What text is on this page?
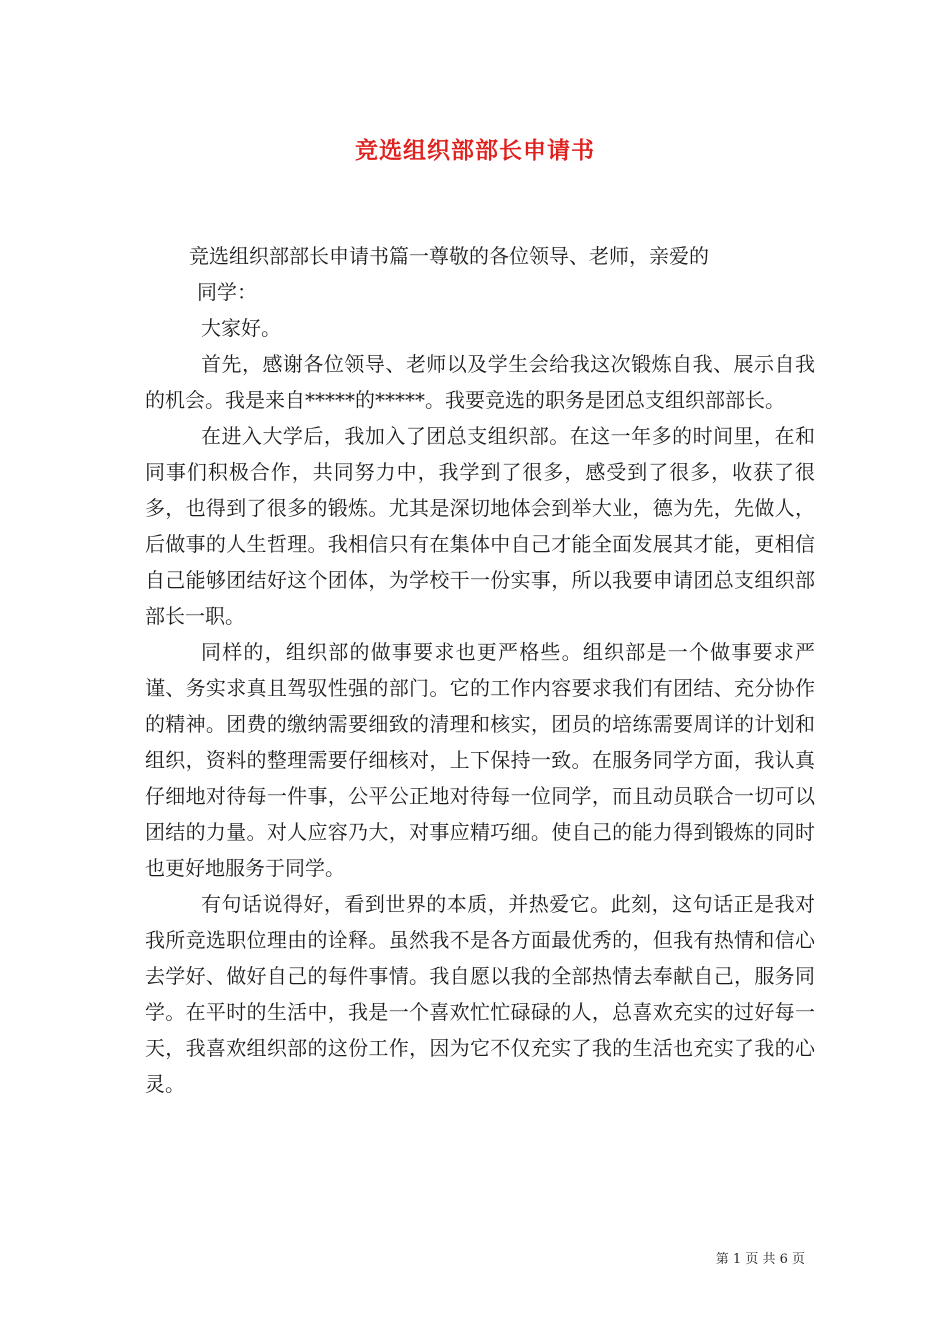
竞选组织部部长申请书

竞选组织部部长申请书篇一尊敬的各位领导、老师，亲爱的

同学：

大家好。

首先，感谢各位领导、老师以及学生会给我这次锻炼自我、展示自我的机会。我是来自*****的*****。我要竞选的职务是团总支组织部部长。

在进入大学后，我加入了团总支组织部。在这一年多的时间里，在和同事们积极合作，共同努力中，我学到了很多，感受到了很多，收获了很多，也得到了很多的锻炼。尤其是深切地体会到举大业，德为先，先做人，后做事的人生哲理。我相信只有在集体中自己才能全面发展其才能，更相信自己能够团结好这个团体，为学校干一份实事，所以我要申请团总支组织部部长一职。

同样的，组织部的做事要求也更严格些。组织部是一个做事要求严谨、务实求真且驾驭性强的部门。它的工作内容要求我们有团结、充分协作的精神。团费的缴纳需要细致的清理和核实，团员的培练需要周详的计划和组织，资料的整理需要仔细核对，上下保持一致。在服务同学方面，我认真仔细地对待每一件事，公平公正地对待每一位同学，而且动员联合一切可以团结的力量。对人应容乃大，对事应精巧细。使自己的能力得到锻炼的同时也更好地服务于同学。

有句话说得好，看到世界的本质，并热爱它。此刻，这句话正是我对我所竞选职位理由的诠释。虽然我不是各方面最优秀的，但我有热情和信心去学好、做好自己的每件事情。我自愿以我的全部热情去奉献自己，服务同学。在平时的生活中，我是一个喜欢忙忙碌碌的人，总喜欢充实的过好每一天，我喜欢组织部的这份工作，因为它不仅充实了我的生活也充实了我的心灵。

第 1 页 共 6 页
